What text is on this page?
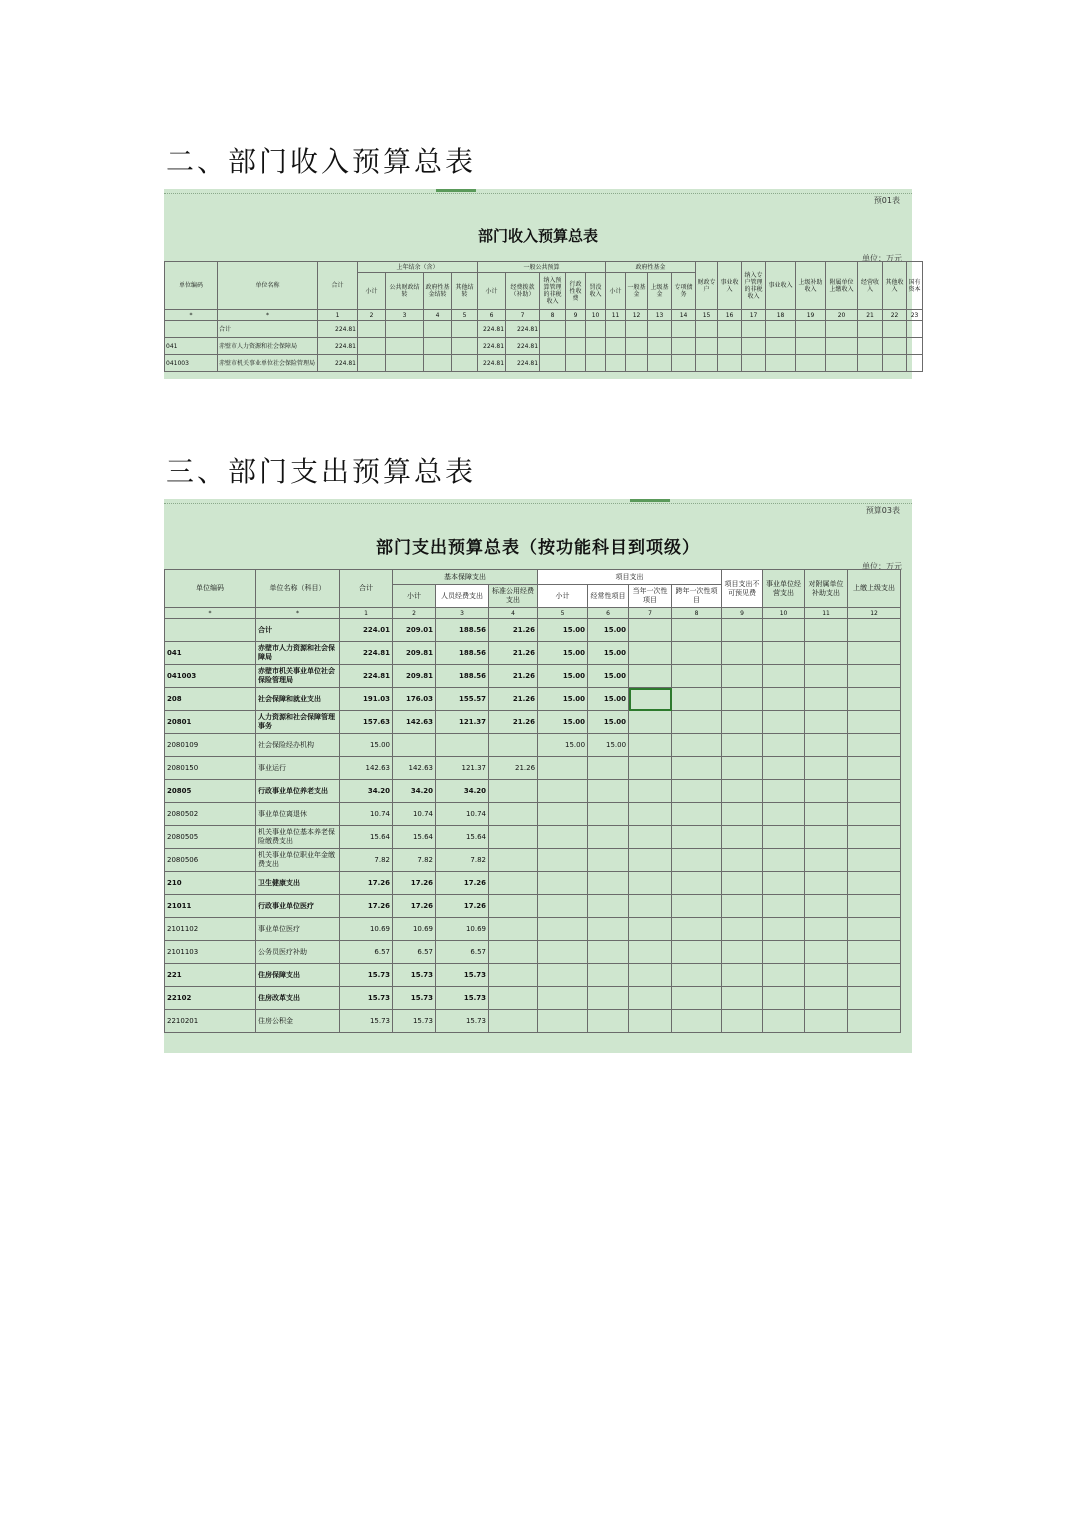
二、部门收入预算总表
预01表
部门收入预算总表
单位：万元
单位编码	单位名称	合计	上年结余（含）				一般公共预算					政府性基金				财政专户	事业收入	纳入专户管理的非税收入	事业收入	上级补助收入	附属单位上缴收入	经营收入	其他收入	国有资本
			小计	公共财政结转	政府性基金结转	其他结转	小计	经费拨款（补助）	纳入预算管理的非税收入	行政性收费	罚没收入	小计	一般基金	上级基金	专项债务									
*	*	1	2	3	4	5	6	7	8	9	10	11	12	13	14	15	16	17	18	19	20	21	22	23
	合计	224.81					224.81	224.81																
041	赤壁市人力资源和社会保障局	224.81					224.81	224.81																
041003	赤壁市机关事业单位社会保险管理局	224.81					224.81	224.81																
三、部门支出预算总表
预算03表
部门支出预算总表（按功能科目到项级）
单位：万元
单位编码	单位名称（科目）	合计	基本保障支出			项目支出				项目支出不可预见费	事业单位经营支出	对附属单位补助支出	上缴上级支出
			小计	人员经费支出	标准公用经费支出	小计	经常性项目	当年一次性项目	跨年一次性项目				
*	*	1	2	3	4	5	6	7	8	9	10	11	12
	合计	224.01	209.01	188.56	21.26	15.00	15.00						
041	赤壁市人力资源和社会保障局	224.81	209.81	188.56	21.26	15.00	15.00						
041003	赤壁市机关事业单位社会保险管理局	224.81	209.81	188.56	21.26	15.00	15.00						
208	社会保障和就业支出	191.03	176.03	155.57	21.26	15.00	15.00						
20801	人力资源和社会保障管理事务	157.63	142.63	121.37	21.26	15.00	15.00						
2080109	社会保险经办机构	15.00				15.00	15.00						
2080150	事业运行	142.63	142.63	121.37	21.26								
20805	行政事业单位养老支出	34.20	34.20	34.20									
2080502	事业单位离退休	10.74	10.74	10.74									
2080505	机关事业单位基本养老保险缴费支出	15.64	15.64	15.64									
2080506	机关事业单位职业年金缴费支出	7.82	7.82	7.82									
210	卫生健康支出	17.26	17.26	17.26									
21011	行政事业单位医疗	17.26	17.26	17.26									
2101102	事业单位医疗	10.69	10.69	10.69									
2101103	公务员医疗补助	6.57	6.57	6.57									
221	住房保障支出	15.73	15.73	15.73									
22102	住房改革支出	15.73	15.73	15.73									
2210201	住房公积金	15.73	15.73	15.73									
